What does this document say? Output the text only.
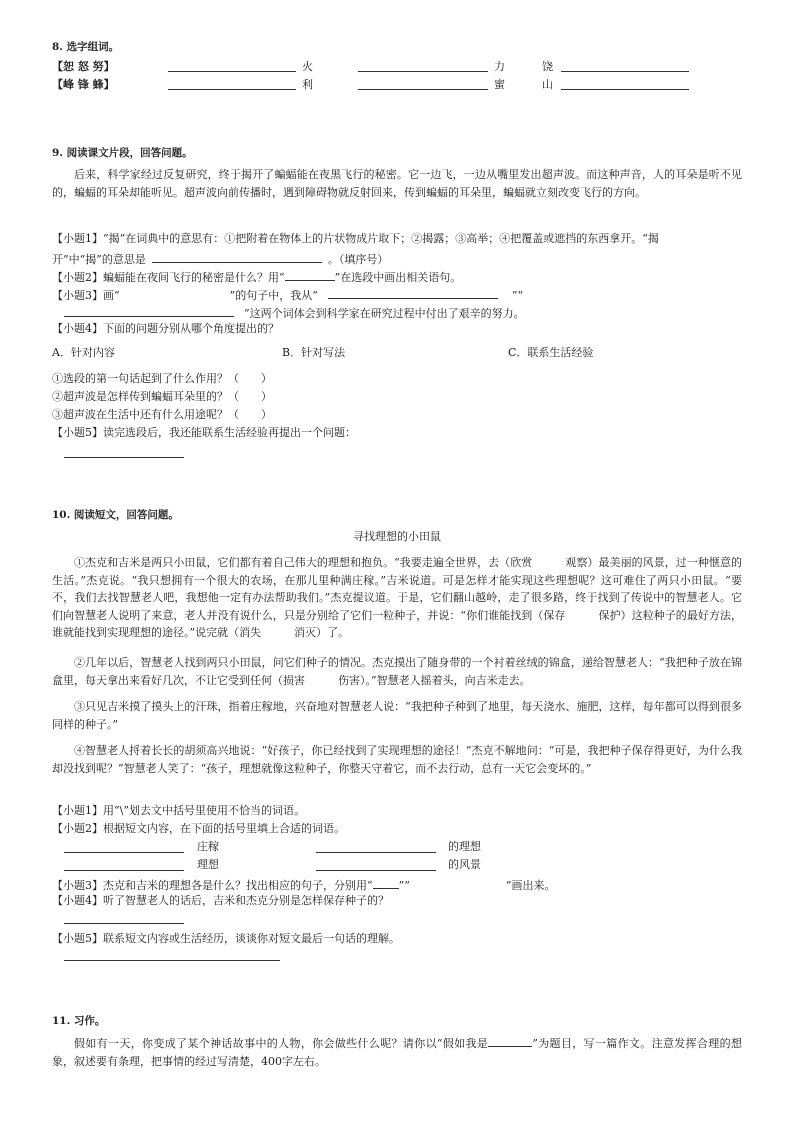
8. 选字组词。
【恕 怒 努】	火	力	饶
【峰 锋 蜂】	利	蜜	山
9. 阅读课文片段，回答问题。
后来，科学家经过反复研究，终于揭开了蝙蝠能在夜黑飞行的秘密。它一边飞，一边从嘴里发出超声波。而这种声音，人的耳朵是听不见的，蝙蝠的耳朵却能听见。超声波向前传播时，遇到障碍物就反射回来，传到蝙蝠的耳朵里，蝙蝠就立刻改变飞行的方向。
【小题1】“揭”在词典中的意思有：①把附着在物体上的片状物成片取下；②揭露；③高举；④把覆盖或遮挡的东西拿开。“揭
开”中“揭”的意思是	。（填序号）
【小题2】蝙蝠能在夜间飞行的秘密是什么？用“	”在选段中画出相关语句。
【小题3】画“	”的句子中，我从“	”“
”这两个词体会到科学家在研究过程中付出了艰辛的努力。
【小题4】下面的问题分别从哪个角度提出的？
A．针对内容	B．针对写法	C．联系生活经验
①选段的第一句话起到了什么作用？（　　）
②超声波是怎样传到蝙蝠耳朵里的？（　　）
③超声波在生活中还有什么用途呢？（　　）
【小题5】读完选段后，我还能联系生活经验再提出一个问题：
10. 阅读短文，回答问题。
寻找理想的小田鼠
①杰克和吉米是两只小田鼠，它们都有着自己伟大的理想和抱负。“我要走遍全世界，去（欣赏　　　观察）最美丽的风景，过一种惬意的生活。”杰克说。“我只想拥有一个很大的农场，在那儿里种满庄稼。”吉米说道。可是怎样才能实现这些理想呢？这可难住了两只小田鼠。“要不，我们去找智慧老人吧，我想他一定有办法帮助我们。”杰克提议道。于是，它们翻山越岭，走了很多路，终于找到了传说中的智慧老人。它们向智慧老人说明了来意，老人并没有说什么，只是分别给了它们一粒种子，并说：“你们谁能找到（保存　　　保护）这粒种子的最好方法，谁就能找到实现理想的途径。”说完就（消失　　　消灭）了。
②几年以后，智慧老人找到两只小田鼠，问它们种子的情况。杰克摸出了随身带的一个衬着丝绒的锦盒，递给智慧老人：“我把种子放在锦盒里，每天拿出来看好几次，不让它受到任何（损害　　　伤害）。”智慧老人摇着头，向吉米走去。
③只见吉米摸了摸头上的汗珠，指着庄稼地，兴奋地对智慧老人说：“我把种子种到了地里，每天浇水、施肥，这样，每年都可以得到很多同样的种子。”
④智慧老人捋着长长的胡须高兴地说：“好孩子，你已经找到了实现理想的途径！”杰克不解地问：“可是，我把种子保存得更好，为什么我却没找到呢？”智慧老人笑了：“孩子，理想就像这粒种子，你整天守着它，而不去行动，总有一天它会变坏的。”
【小题1】用“\”划去文中括号里使用不恰当的词语。
【小题2】根据短文内容，在下面的括号里填上合适的词语。
庄稼	的理想
理想	的风景
【小题3】杰克和吉米的理想各是什么？找出相应的句子，分别用“ ”“	”画出来。
【小题4】听了智慧老人的话后，吉米和杰克分别是怎样保存种子的？
【小题5】联系短文内容或生活经历，谈谈你对短文最后一句话的理解。
11. 习作。
假如有一天，你变成了某个神话故事中的人物，你会做些什么呢？请你以“假如我是	”为题目，写一篇作文。注意发挥合理的想象，叙述要有条理，把事情的经过写清楚，400字左右。
